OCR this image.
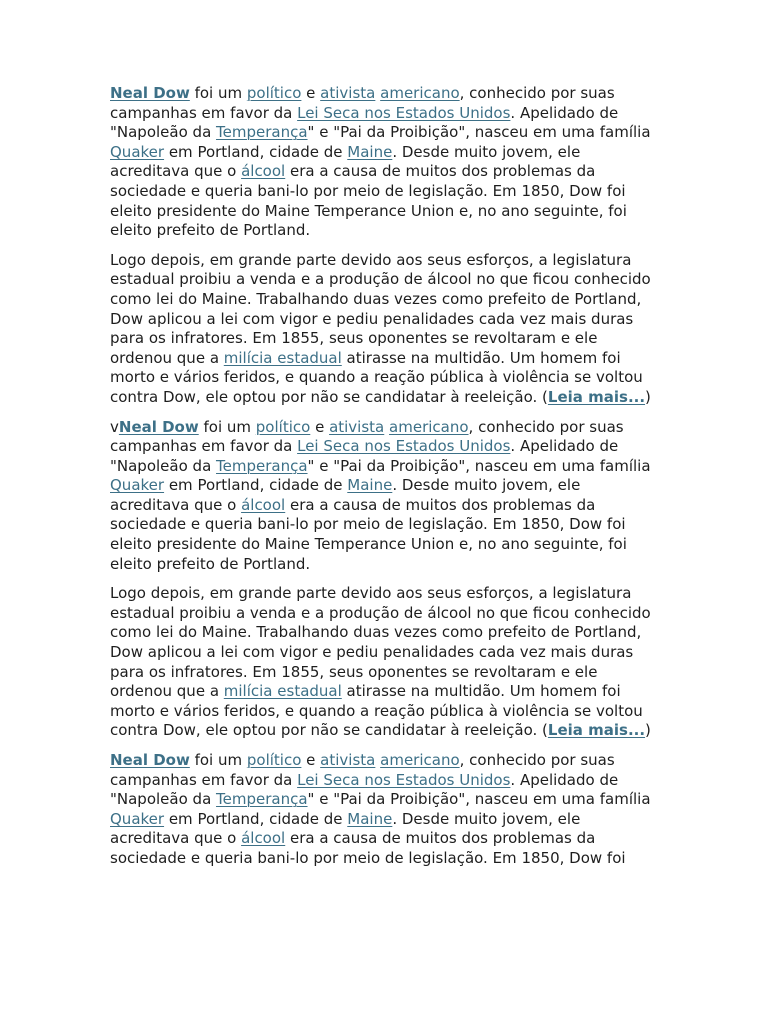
Neal Dow foi um político e ativista americano, conhecido por suas campanhas em favor da Lei Seca nos Estados Unidos. Apelidado de "Napoleão da Temperança" e "Pai da Proibição", nasceu em uma família Quaker em Portland, cidade de Maine. Desde muito jovem, ele acreditava que o álcool era a causa de muitos dos problemas da sociedade e queria bani-lo por meio de legislação. Em 1850, Dow foi eleito presidente do Maine Temperance Union e, no ano seguinte, foi eleito prefeito de Portland.

Logo depois, em grande parte devido aos seus esforços, a legislatura estadual proibiu a venda e a produção de álcool no que ficou conhecido como lei do Maine. Trabalhando duas vezes como prefeito de Portland, Dow aplicou a lei com vigor e pediu penalidades cada vez mais duras para os infratores. Em 1855, seus oponentes se revoltaram e ele ordenou que a milícia estadual atirasse na multidão. Um homem foi morto e vários feridos, e quando a reação pública à violência se voltou contra Dow, ele optou por não se candidatar à reeleição. (Leia mais...)

vNeal Dow foi um político e ativista americano, conhecido por suas campanhas em favor da Lei Seca nos Estados Unidos. Apelidado de "Napoleão da Temperança" e "Pai da Proibição", nasceu em uma família Quaker em Portland, cidade de Maine. Desde muito jovem, ele acreditava que o álcool era a causa de muitos dos problemas da sociedade e queria bani-lo por meio de legislação. Em 1850, Dow foi eleito presidente do Maine Temperance Union e, no ano seguinte, foi eleito prefeito de Portland.

Logo depois, em grande parte devido aos seus esforços, a legislatura estadual proibiu a venda e a produção de álcool no que ficou conhecido como lei do Maine. Trabalhando duas vezes como prefeito de Portland, Dow aplicou a lei com vigor e pediu penalidades cada vez mais duras para os infratores. Em 1855, seus oponentes se revoltaram e ele ordenou que a milícia estadual atirasse na multidão. Um homem foi morto e vários feridos, e quando a reação pública à violência se voltou contra Dow, ele optou por não se candidatar à reeleição. (Leia mais...)

Neal Dow foi um político e ativista americano, conhecido por suas campanhas em favor da Lei Seca nos Estados Unidos. Apelidado de "Napoleão da Temperança" e "Pai da Proibição", nasceu em uma família Quaker em Portland, cidade de Maine. Desde muito jovem, ele acreditava que o álcool era a causa de muitos dos problemas da sociedade e queria bani-lo por meio de legislação. Em 1850, Dow foi
